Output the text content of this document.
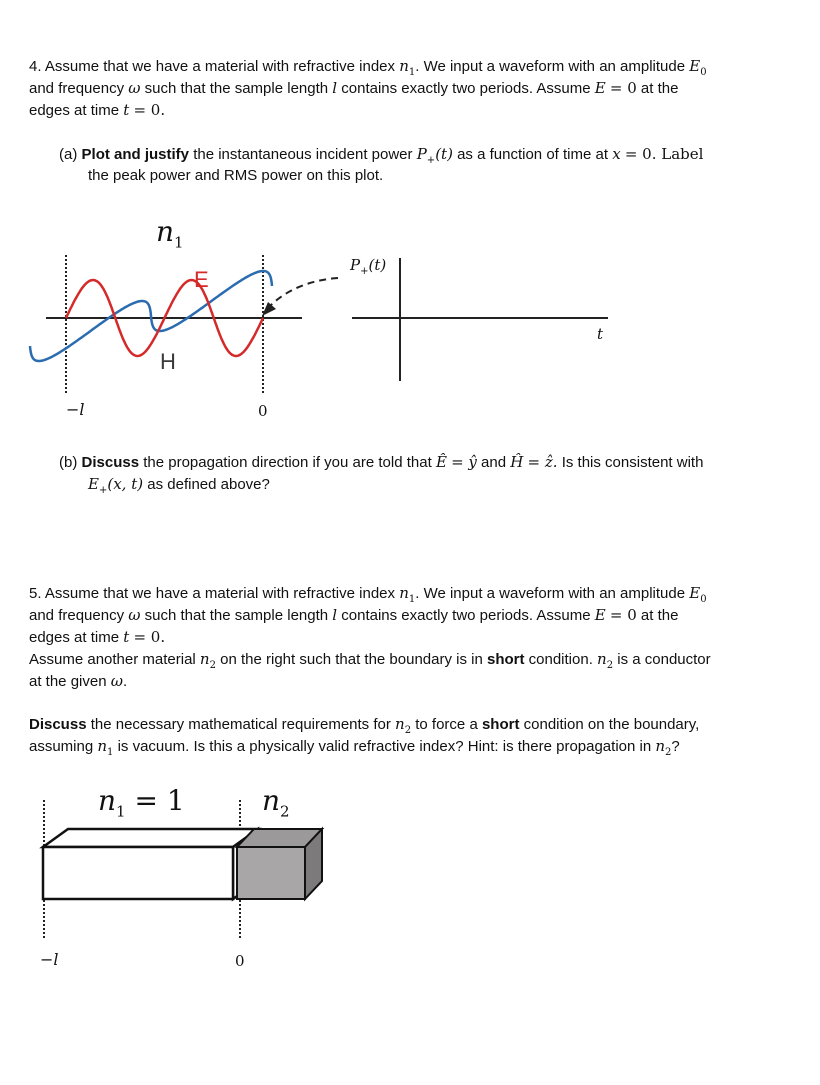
4. Assume that we have a material with refractive index $n_1$. We input a waveform with an amplitude $E_0$

and frequency ω such that the sample length l contains exactly two periods. Assume E = 0 at the

edges at time t = 0.

(a) Plot and justify the instantaneous incident power $P_+(t)$ as a function of time at x = 0. Label

the peak power and RMS power on this plot.

$n_1$
E
H
−l	0
$P_+(t)$
t

(b) Discuss the propagation direction if you are told that Ê = ŷ and Ĥ = ẑ. Is this consistent with

$E_+(x$, t) as defined above?

5. Assume that we have a material with refractive index $n_1$. We input a waveform with an amplitude $E_0$

and frequency ω such that the sample length l contains exactly two periods. Assume E = 0 at the

edges at time t = 0.

Assume another material $n_2$ on the right such that the boundary is in short condition. $n_2$ is a conductor

at the given ω.

Discuss the necessary mathematical requirements for $n_2$ to force a short condition on the boundary,

assuming $n_1$ is vacuum. Is this a physically valid refractive index? Hint: is there propagation in $n_2$?

$n_1 = 1$	$n_2$
−l	0
